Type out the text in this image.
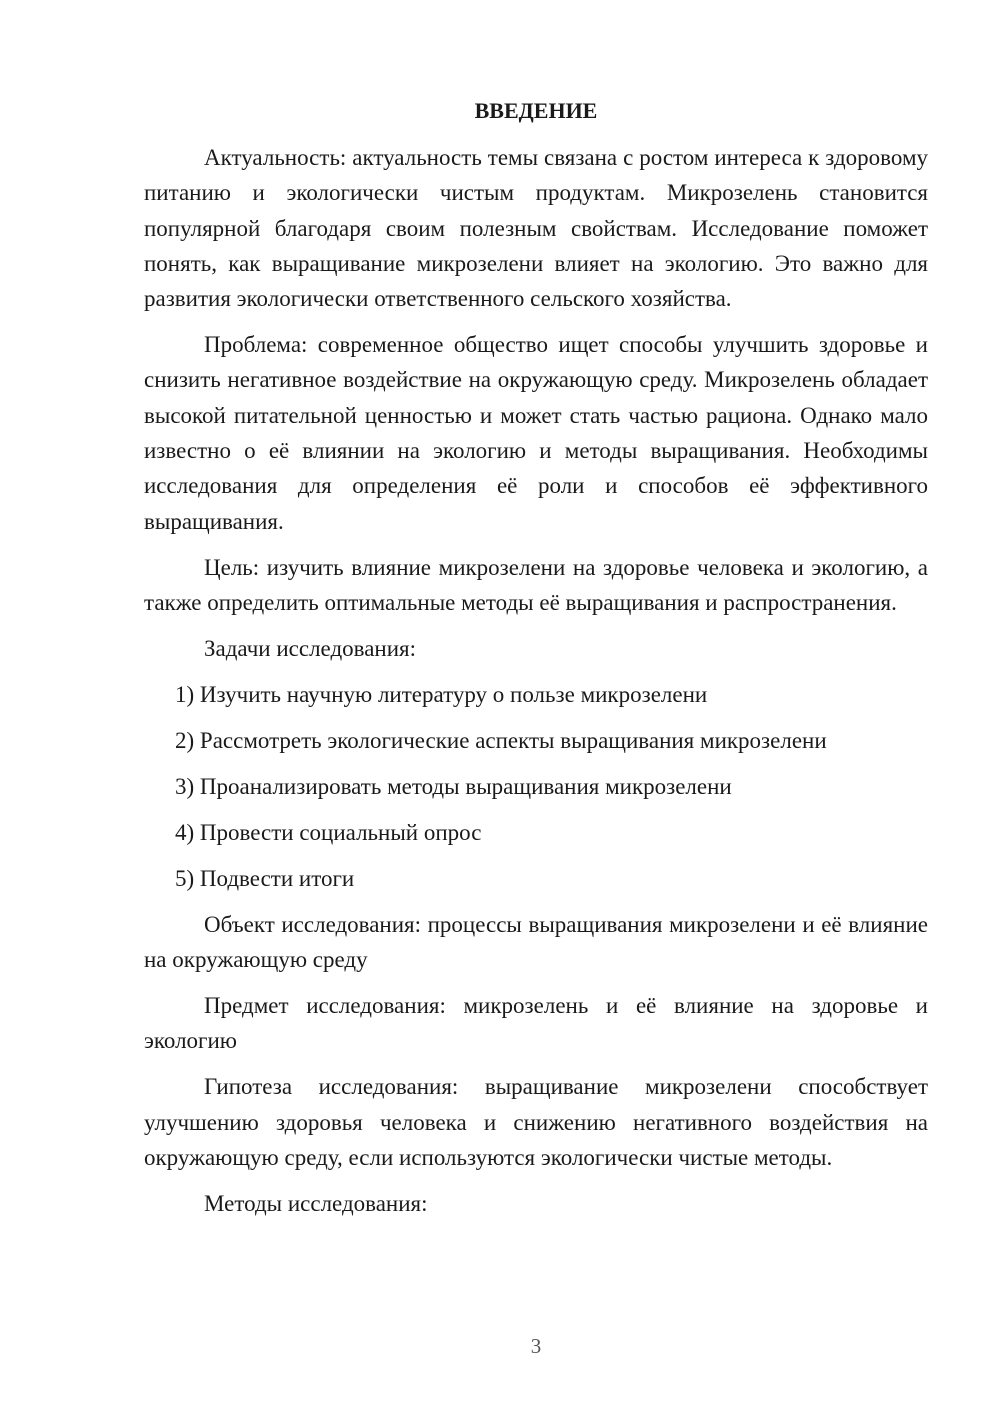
ВВЕДЕНИЕ

Актуальность: актуальность темы связана с ростом интереса к здоровому питанию и экологически чистым продуктам. Микрозелень становится популярной благодаря своим полезным свойствам. Исследование поможет понять, как выращивание микрозелени влияет на экологию. Это важно для развития экологически ответственного сельского хозяйства.

Проблема: современное общество ищет способы улучшить здоровье и снизить негативное воздействие на окружающую среду. Микрозелень обладает высокой питательной ценностью и может стать частью рациона. Однако мало известно о её влиянии на экологию и методы выращивания. Необходимы исследования для определения её роли и способов её эффективного выращивания.

Цель: изучить влияние микрозелени на здоровье человека и экологию, а также определить оптимальные методы её выращивания и распространения.

Задачи исследования:

1) Изучить научную литературу о пользе микрозелени
2) Рассмотреть экологические аспекты выращивания микрозелени
3) Проанализировать методы выращивания микрозелени
4) Провести социальный опрос
5) Подвести итоги

Объект исследования: процессы выращивания микрозелени и её влияние на окружающую среду

Предмет исследования: микрозелень и её влияние на здоровье и экологию

Гипотеза исследования: выращивание микрозелени способствует улучшению здоровья человека и снижению негативного воздействия на окружающую среду, если используются экологически чистые методы.

Методы исследования:

3
